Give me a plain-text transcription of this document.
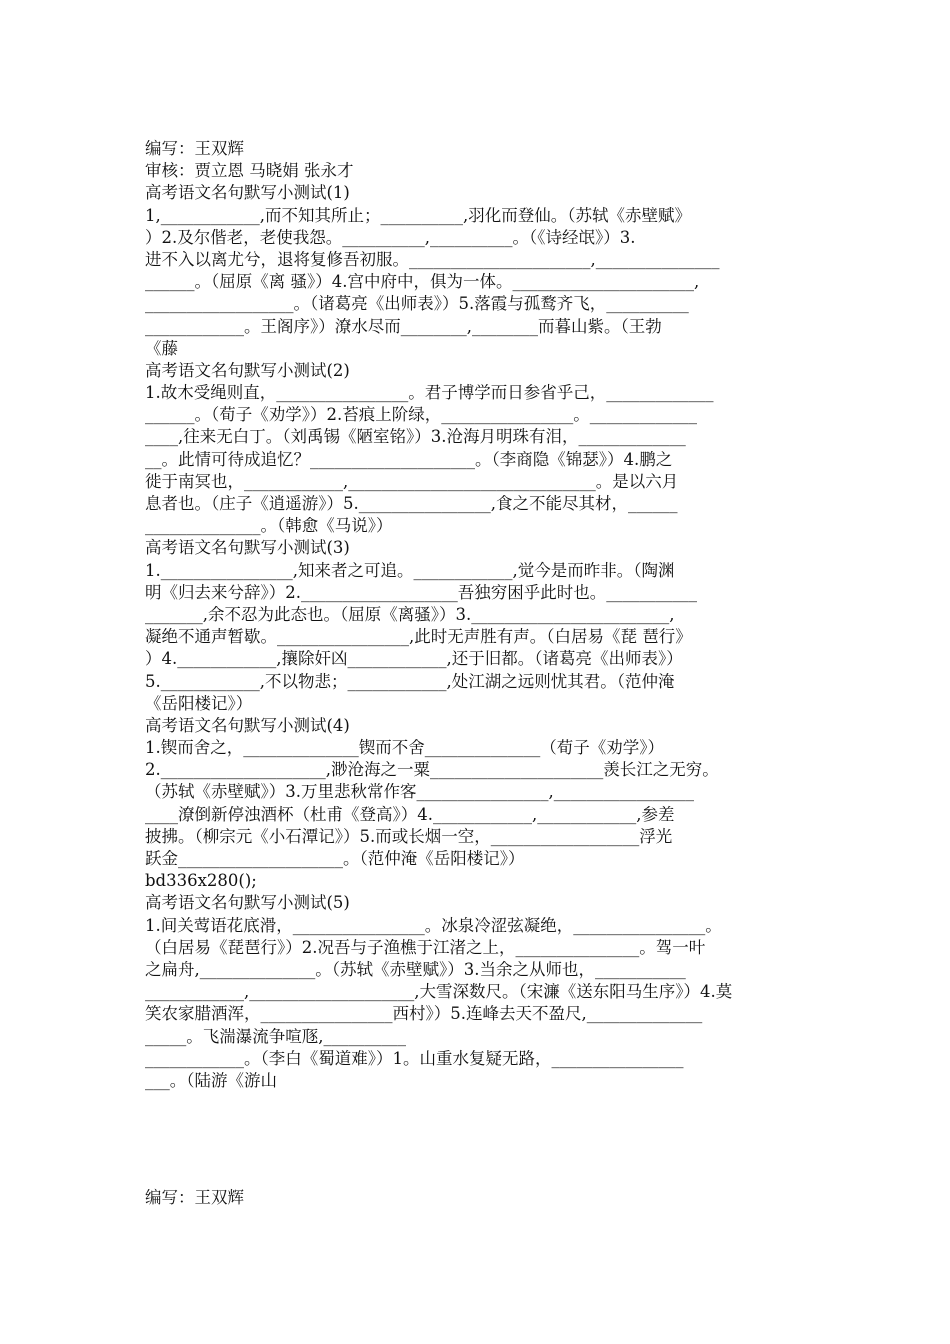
编写：王双辉
审核：贾立恩 马晓娟 张永才
高考语文名句默写小测试(1)
1,____________,而不知其所止；__________,羽化而登仙。（苏轼《赤壁赋》
）2.及尔偕老，老使我怨。__________,__________。（《诗经氓》）3.
进不入以离尤兮，退将复修吾初服。______________________,_______________
______。（屈原《离 骚》）4.宫中府中，俱为一体。______________________,
__________________。（诸葛亮《出师表》）5.落霞与孤鹜齐飞，__________
____________。王阁序》）潦水尽而________,________而暮山紫。（王勃
《藤
高考语文名句默写小测试(2)
1.故木受绳则直，________________。君子博学而日参省乎己，_____________
______。（荀子《劝学》）2.苔痕上阶绿，________________。_____________
____,往来无白丁。（刘禹锡《陋室铭》）3.沧海月明珠有泪，_____________
__。此情可待成追忆？____________________。（李商隐《锦瑟》）4.鹏之
徙于南冥也，____________,______________________________。是以六月
息者也。（庄子《逍遥游》）5.________________,食之不能尽其材，______
______________。（韩愈《马说》）
高考语文名句默写小测试(3)
1.________________,知来者之可追。____________,觉今是而昨非。（陶渊
明《归去来兮辞》）2.___________________吾独穷困乎此时也。___________
_______,余不忍为此态也。（屈原《离骚》）3.________________________,
凝绝不通声暂歇。________________,此时无声胜有声。（白居易《琵 琶行》
）4.____________,攘除奸凶____________,还于旧都。（诸葛亮《出师表》）
5.____________,不以物悲；____________,处江湖之远则忧其君。（范仲淹
《岳阳楼记》）
高考语文名句默写小测试(4)
1.锲而舍之，______________锲而不舍______________（荀子《劝学》）
2.____________________,渺沧海之一粟_____________________羡长江之无穷。
（苏轼《赤壁赋》）3.万里悲秋常作客________________,_________________
____潦倒新停浊酒杯（杜甫《登高》）4.____________,____________,参差
披拂。（柳宗元《小石潭记》）5.而或长烟一空，__________________浮光
跃金____________________。（范仲淹《岳阳楼记》）
bd336x280();
高考语文名句默写小测试(5)
1.间关莺语花底滑，________________。冰泉冷涩弦凝绝，________________。
（白居易《琵琶行》）2.况吾与子渔樵于江渚之上，_______________。驾一叶
之扁舟,______________。（苏轼《赤壁赋》）3.当余之从师也，___________
____________,____________________,大雪深数尺。（宋濂《送东阳马生序》）4.莫
笑农家腊酒浑，________________西村》）5.连峰去天不盈尺,______________
_____。飞湍瀑流争喧豗,__________
____________。（李白《蜀道难》）1。山重水复疑无路，________________
___。（陆游《游山
编写：王双辉
